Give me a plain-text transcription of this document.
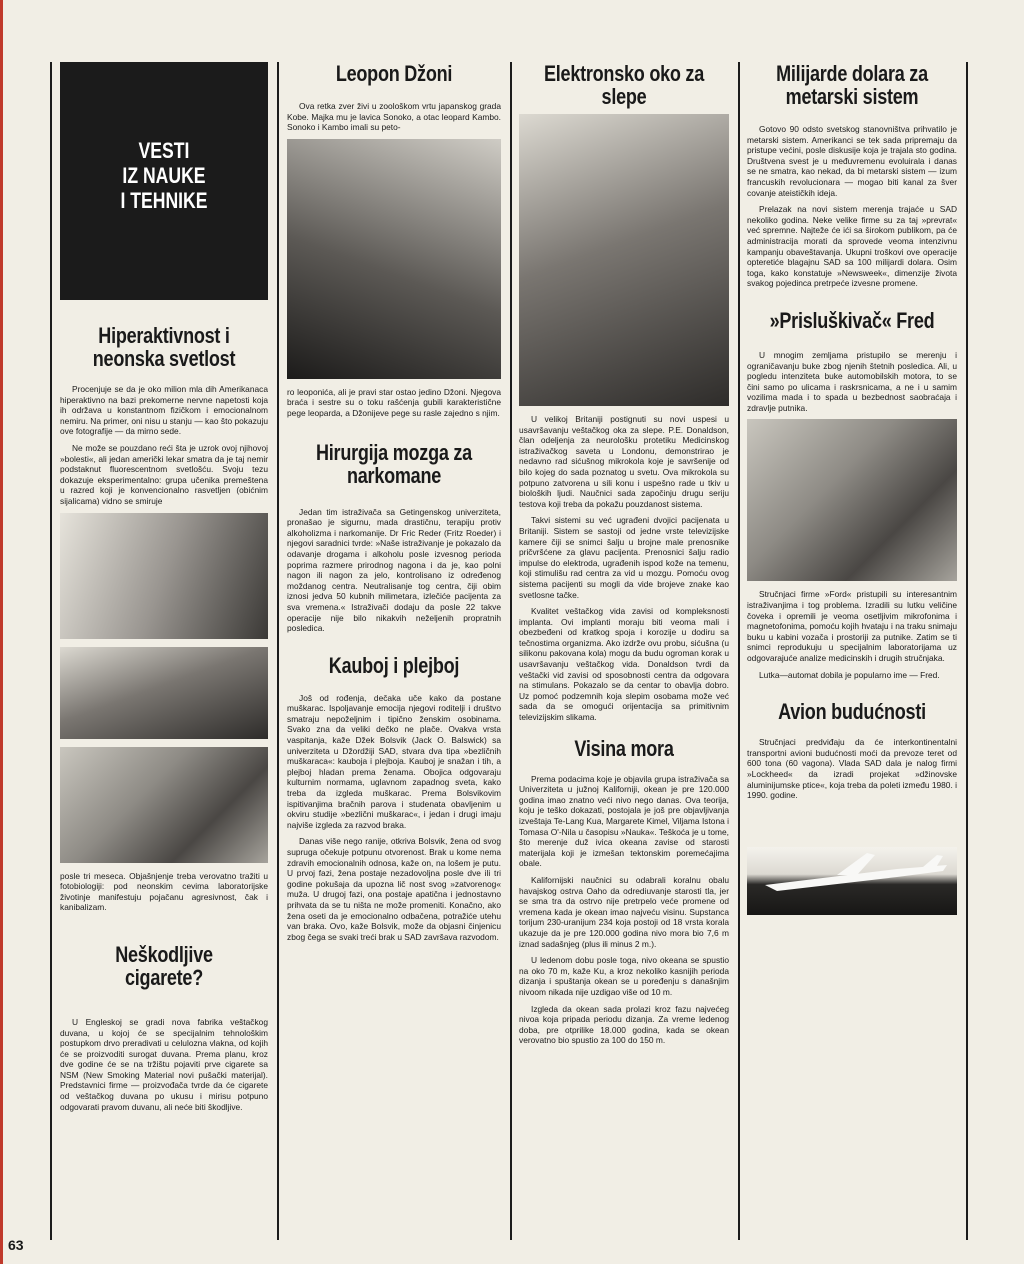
VESTI
IZ NAUKE
I TEHNIKE
Hiperaktivnost i neonska svetlost

Procenjuje se da je oko milion mla dih Amerikanaca hiperaktivno na bazi prekomerne nervne napetosti koja ih održava u konstantnom fizičkom i emocionalnom nemiru. Na primer, oni nisu u stanju — kao što pokazuju ove fotografije — da mirno sede.

Ne može se pouzdano reći šta je uzrok ovoj njihovoj »bolesti«, ali jedan američki lekar smatra da je taj nemir podstaknut fluorescentnom svetlošću. Svoju tezu dokazuje eksperimentalno: grupa učenika premeštena u razred koji je konvencionalno rasvetljen (obićnim sijalicama) vidno se smiruje

posle tri meseca. Objašnjenje treba verovatno tražiti u fotobiologiji: pod neonskim cevima laboratorijske životinje manifestuju pojačanu agresivnost, čak i kanibalizam.

Neškodljive cigarete?

U Engleskoj se gradi nova fabrika veštačkog duvana, u kojoj će se specijalnim tehnološkim postupkom drvo preradivati u celulozna vlakna, od kojih će se proizvoditi surogat duvana. Prema planu, kroz dve godine će se na tržištu pojaviti prve cigarete sa NSM (New Smoking Material novi pušački materijal). Predstavnici firme — proizvođača tvrde da će cigarete od veštačkog duvana po ukusu i mirisu potpuno odgovarati pravom duvanu, ali neće biti škodljive.

Leopon Džoni

Ova retka zver živi u zoološkom vrtu japanskog grada Kobe. Majka mu je lavica Sonoko, a otac leopard Kambo. Sonoko i Kambo imali su peto-

ro leoponića, ali je pravi star ostao jedino Džoni. Njegova braća i sestre su o toku rašćenja gubili karakteristične pege leoparda, a Džonijeve pege su rasle zajedno s njim.

Hirurgija mozga za narkomane

Jedan tim istraživača sa Getingenskog univerziteta, pronašao je sigurnu, mada drastičnu, terapiju protiv alkoholizma i narkomanije. Dr Fric Reder (Fritz Roeder) i njegovi saradnici tvrde: »Naše istraživanje je pokazalo da odavanje drogama i alkoholu posle izvesnog perioda poprima razmere prirodnog nagona i da je, kao polni nagon ili nagon za jelo, kontrolisano iz određenog moždanog centra. Neutralisanje tog centra, čiji obim iznosi jedva 50 kubnih milimetara, izlečiće pacijenta za sva vremena.« Istraživači dodaju da posle 22 takve operacije nije bilo nikakvih neželjenih propratnih posledica.

Kauboj i plejboj

Još od rođenja, dečaka uče kako da postane muškarac. Ispoljavanje emocija njegovi roditelji i društvo smatraju nepoželjnim i tipično ženskim osobinama. Svako zna da veliki dečko ne plače. Ovakva vrsta vaspitanja, kaže Džek Bolsvik (Jack O. Balswick) sa univerziteta u Džordžiji SAD, stvara dva tipa »bezličnih muškaraca«: kauboja i plejboja. Kauboj je snažan i tih, a plejboj hladan prema ženama. Obojica odgovaraju kulturnim normama, uglavnom zapadnog sveta, kako treba da izgleda muškarac. Prema Bolsvikovim ispitivanjima bračnih parova i studenata obavljenim u okviru studije »bezlični muškarac«, i jedan i drugi imaju najviše izgleda za razvod braka.

Danas više nego ranije, otkriva Bolsvik, žena od svog supruga očekuje potpunu otvorenost. Brak u kome nema zdravih emocionalnih odnosa, kaže on, na lošem je putu. U prvoj fazi, žena postaje nezadovoljna posle dve ili tri godine pokušaja da upozna lič nost svog »zatvorenog« muža. U drugoj fazi, ona postaje apatična i jednostavno prihvata da se tu ništa ne može promeniti. Konačno, ako žena oseti da je emocionalno odbačena, potražiće utehu van braka. Ovo, kaže Bolsvik, može da objasni činjenicu zbog čega se svaki treći brak u SAD završava razvodom.

Elektronsko oko za slepe

U velikoj Britaniji postignuti su novi uspesi u usavršavanju veštačkog oka za slepe. P.E. Donaldson, član odeljenja za neurološku protetiku Medicinskog istraživačkog saveta u Londonu, demonstrirao je nedavno rad sićušnog mikrokola koje je savršenije od bilo kojeg do sada poznatog u svetu. Ova mikrokola su potpuno zatvorena u sili konu i uspešno rade u tkiv u bioloških ljudi. Naučnici sada započinju drugu seriju testova koji treba da pokažu pouzdanost sistema.

Takvi sistemi su već ugrađeni dvojici pacijenata u Britaniji. Sistem se sastoji od jedne vrste televizijske kamere čiji se snimci šalju u brojne male prenosnike pričvršćene za glavu pacijenta. Prenosnici šalju radio impulse do elektroda, ugrađenih ispod kože na temenu, koji stimulišu rad centra za vid u mozgu. Pomoću ovog sistema pacijenti su mogli da vide brojeve znake kao svetlosne tačke.

Kvalitet veštačkog vida zavisi od kompleksnosti implanta. Ovi implanti moraju biti veoma mali i obezbeđeni od kratkog spoja i korozije u dodiru sa tečnostima organizma. Ako izdrže ovu probu, sićušna (u silikonu pakovana kola) mogu da budu ogroman korak u usavršavanju veštačkog vida. Donaldson tvrdi da veštački vid zavisi od sposobnosti centra da odgovara na stimulans. Pokazalo se da centar to obavlja dobro. Uz pomoć podzemnih koja slepim osobama može već sada da se omogući orijentacija sa primitivnim televizijskim slikama.

Visina mora

Prema podacima koje je objavila grupa istraživača sa Univerziteta u južnoj Kaliforniji, okean je pre 120.000 godina imao znatno veći nivo nego danas. Ova teorija, koju je teško dokazati, postojala je još pre objavljivanja izveštaja Te-Lang Kua, Margarete Kimel, Viljama Istona i Tomasa O'-Nila u časopisu »Nauka«. Teškoća je u tome, što merenje duž ivica okeana zavise od starosti materijala koji je izmešan tektonskim poremećajima obale.

Kalifornijski naučnici su odabrali koralnu obalu havajskog ostrva Oaho da odrediuvanje starosti tla, jer se sma tra da ostrvo nije pretrpelo veće promene od vremena kada je okean imao najveću visinu. Supstanca torijum 230-uranijum 234 koja postoji od 18 vrsta korala ukazuje da je pre 120.000 godina nivo mora bio 7,6 m iznad sadašnjeg (plus ili minus 2 m.).

U ledenom dobu posle toga, nivo okeana se spustio na oko 70 m, kaže Ku, a kroz nekoliko kasnijih perioda dizanja i spuštanja okean se u poređenju s današnjim nivoom nikada nije uzdigao više od 10 m.

Izgleda da okean sada prolazi kroz fazu najvećeg nivoa koja pripada periodu dizanja. Za vreme ledenog doba, pre otprilike 18.000 godina, kada se okean verovatno bio spustio za 100 do 150 m.

Milijarde dolara za metarski sistem

Gotovo 90 odsto svetskog stanovništva prihvatilo je metarski sistem. Amerikanci se tek sada pripremaju da pristupe većini, posle diskusije koja je trajala sto godina. Društvena svest je u međuvremenu evoluirala i danas se ne smatra, kao nekad, da bi metarski sistem — izum francuskih revolucionara — mogao biti kanal za šver covanje ateističkih ideja.

Prelazak na novi sistem merenja trajaće u SAD nekoliko godina. Neke velike firme su za taj »prevrat« već spremne. Najteže će ići sa širokom publikom, pa će administracija morati da sprovede veoma intenzivnu kampanju obaveštavanja. Ukupni troškovi ove operacije opteretiće blagajnu SAD sa 100 milijardi dolara. Osim toga, kako konstatuje »Newsweek«, dimenzije života svakog pojedinca pretrpeće izvesne promene.

»Prisluškivač« Fred

U mnogim zemljama pristupilo se merenju i ograničavanju buke zbog njenih štetnih posledica. Ali, u pogledu intenziteta buke automobilskih motora, to se čini samo po ulicama i raskrsnicama, a ne i u samim vozilima mada i to spada u bezbednost saobraćaja i zdravlje putnika.

Stručnjaci firme »Ford« pristupili su interesantnim istraživanjima i tog problema. Izradili su lutku veličine čoveka i opremili je veoma osetljivim mikrofonima i magnetofonima, pomoću kojih hvataju i na traku snimaju buku u kabini vozača i prostoriji za putnike. Zatim se ti snimci reprodukuju u specijalnim laboratorijama uz odgovarajuće analize medicinskih i drugih stručnjaka.

Lutka—automat dobila je popularno ime — Fred.

Avion budućnosti

Stručnjaci predviđaju da će interkontinentalni transportni avioni budućnosti moći da prevoze teret od 600 tona (60 vagona). Vlada SAD dala je nalog firmi »Lockheed« da izradi projekat »džinovske aluminijumske ptice«, koja treba da poleti između 1980. i 1990. godine.

63
